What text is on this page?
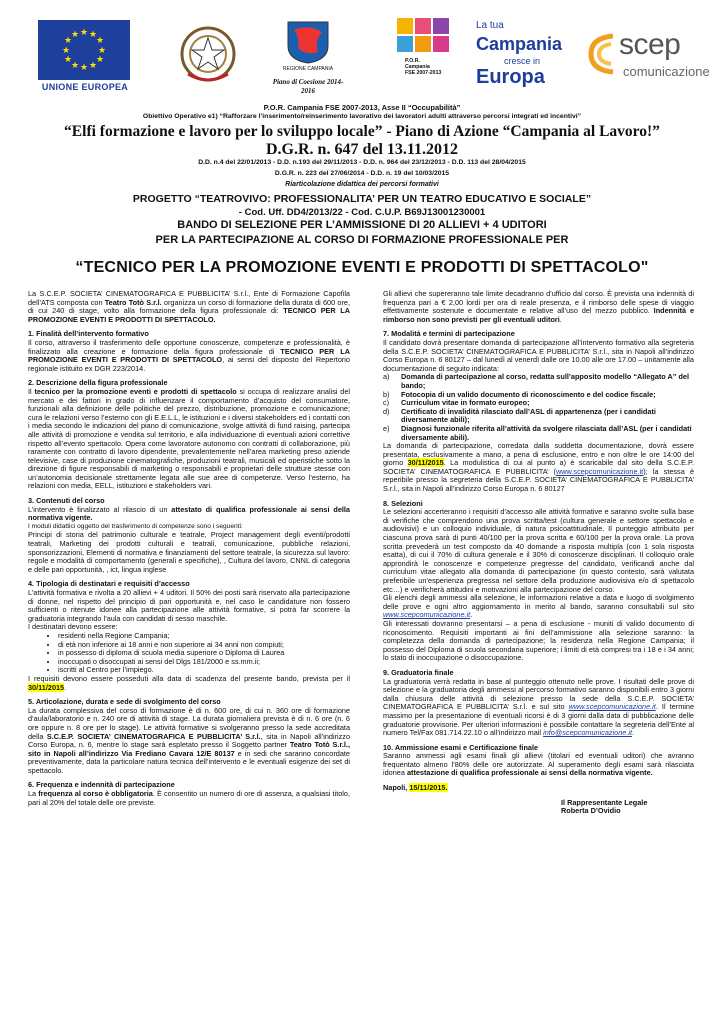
★ ★
★
★
★
★
★
★
★
★
★
★
UNIONE EUROPEA
REGIONE CAMPANIA
Piano di Coesione 2014-2016
P.O.R.
Campania
FSE 2007-2013
La tua
Campania
cresce in
Europa
scep
comunicazione
P.O.R. Campania FSE 2007-2013, Asse II “Occupabilità”
Obiettivo Operativo e1) “Rafforzare l’inserimento/reinserimento lavorativo dei lavoratori adulti attraverso percorsi integrati ed incentivi”
“Elfi formazione e lavoro per lo sviluppo locale” - Piano di Azione “Campania al Lavoro!”
D.G.R. n. 647 del 13.11.2012
D.D. n.4 del 22/01/2013 - D.D. n.193 del 29/11/2013 - D.D. n. 964 del 23/12/2013 - D.D. 113 del 28/04/2015
D.G.R. n. 223 del 27/06/2014 - D.D. n. 19 del 10/03/2015
Riarticolazione didattica dei percorsi formativi
PROGETTO “TEATROVIVO: PROFESSIONALITA’ PER UN TEATRO EDUCATIVO E SOCIALE”
- Cod. Uff. DD4/2013/22 - Cod. C.U.P. B69J13001230001
BANDO DI SELEZIONE PER L’AMMISSIONE DI 20 ALLIEVI + 4 UDITORI
PER LA PARTECIPAZIONE AL CORSO DI FORMAZIONE PROFESSIONALE PER
“TECNICO PER LA PROMOZIONE EVENTI E PRODOTTI DI SPETTACOLO"

La S.C.E.P. SOCIETA’ CINEMATOGRAFICA E PUBBLICITA’ S.r.l., Ente di Formazione Capofila dell’ATS composta con Teatro Totò S.r.l. organizza un corso di formazione della durata di 600 ore, di cui 240 di stage, volto alla formazione della figura professionale di: TECNICO PER LA PROMOZIONE EVENTI E PRODOTTI DI SPETTACOLO.

1. Finalità dell’intervento formativo

Il corso, attraverso il trasferimento delle opportune conoscenze, competenze e professionalità, è finalizzato alla creazione e formazione della figura professionale di TECNICO PER LA PROMOZIONE EVENTI E PRODOTTI DI SPETTACOLO, ai sensi del disposto del Repertorio regionale istituito ex DGR 223/2014.

2. Descrizione della figura professionale

Il tecnico per la promozione eventi e prodotti di spettacolo si occupa di realizzare analisi del mercato e dei fattori in grado di influenzare il comportamento d’acquisto del consumatore, funzionali alla definizione delle politiche del prezzo, distribuzione, promozione e comunicazione; cura le relazioni verso l’esterno con gli E.E.L.L, le istituzioni e i diversi stakeholders ed i contatti con i media secondo le indicazioni del piano di comunicazione, svolge attività di fund raising, partecipa alle attività di promozione e vendita sul territorio, e alla individuazione di eventuali azioni correttive rispetto all’evento spettacolo. Opera come lavoratore autonomo con contratti di collaborazione, più raramente con contratto di lavoro dipendente, prevalentemente nell’area marketing preso aziende televisive, case di produzione cinematografiche, produzioni teatrali, musicali ed operistiche sotto la direzione di figure responsabili di marketing o responsabili e proprietari delle strutture stesse con un’autonomia decisionale strettamente legata alle sue aree di competenze. Verso l’esterno, ha relazioni con media, EELL, istituzioni e stakeholders vari.

3. Contenuti del corso

L’intervento è finalizzato al rilascio di un attestato di qualifica professionale ai sensi della normativa vigente.

I moduli didattici oggetto del trasferimento di competenze sono i seguenti:

Principi di storia del patrimonio culturale e teatrale, Project management degli eventi/prodotti teatrali, Marketing dei prodotti culturali e teatrali, comunicazione, pubbliche relazioni, sponsorizzazioni, Elementi di normativa e finanziamenti del settore teatrale, la sicurezza sul lavoro: regole e modalità di comportamento (generali e specifiche), , Cultura del lavoro, CNNL di categoria e delle pari opportunità, , ict, lingua inglese

4. Tipologia di destinatari e requisiti d’accesso

L’attività formativa e rivolta a 20 allievi + 4 uditori. Il 50% dei posti sarà riservato alla partecipazione di donne, nel rispetto del principio di pari opportunità e, nel caso le candidature non fossero sufficienti o ritenute idonee alla partecipazione alle attività formative, si potrà far scorrere la graduatoria integrando l’aula con candidati di sesso maschile.

I destinatari devono essere:

• residenti nella Regione Campania;
• di età non inferiore ai 18 anni e non superiore ai 34 anni non compiuti;
• in possesso di diploma di scuola media superiore o Diploma di Laurea
• inoccupati o disoccupati ai sensi del Dlgs 181/2000 e ss.mm.ii;
• iscritti al Centro per l’impiego.

I requisiti devono essere posseduti alla data di scadenza del presente bando, prevista per il 30/11/2015.

5. Articolazione, durata e sede di svolgimento del corso

La durata complessiva del corso di formazione è di n. 600 ore, di cui n. 360 ore di formazione d’aula/laboratorio e n. 240 ore di attività di stage. La durata giornaliera prevista è di n. 6 ore (n. 6 ore oppure n. 8 ore per lo stage). Le attività formative si svolgeranno presso la sede accreditata della S.C.E.P. SOCIETA’ CINEMATOGRAFICA E PUBBLICITA’ S.r.l., sita in Napoli all’indirizzo Corso Europa, n. 6, mentre lo stage sarà espletato presso il Soggetto partner Teatro Totò S.r.l., sito in Napoli all’indirizzo Via Frediano Cavara 12/E 80137 e in sedi che saranno concordate preventivamente, data la particolare natura tecnica dell’intervento e le eventuali esigenze dei set di spettacolo.

6. Frequenza e indennità di partecipazione

La frequenza al corso è obbligatoria. È consentito un numero di ore di assenza, a qualsiasi titolo, pari al 20% del totale delle ore previste.

Gli allievi che supereranno tale limite decadranno d’ufficio dal corso. È prevista una indennità di frequenza pari a € 2,00 lordi per ora di reale presenza, e il rimborso delle spese di viaggio effettivamente sostenute e documentate e relative all’uso del mezzo pubblico. Indennità e rimborso non sono previsti per gli eventuali uditori.

7. Modalità e termini di partecipazione

Il candidato dovrà presentare domanda di partecipazione all’intervento formativo alla segreteria della S.C.E.P. SOCIETA’ CINEMATOGRAFICA E PUBBLICITA’ S.r.l., sita in Napoli all’indirizzo Corso Europa n. 6 80127 – dal lunedì al venerdì dalle ore 10.00 alle ore 17.00 – unitamente alla documentazione di seguito indicata:

a) Domanda di partecipazione al corso, redatta sull’apposito modello “Allegato A” del bando;
b) Fotocopia di un valido documento di riconoscimento e del codice fiscale;
c) Curriculum vitae in formato europeo;
d) Certificato di invalidità rilasciato dall’ASL di appartenenza (per i candidati diversamente abili);
e) Diagnosi funzionale riferita all’attività da svolgere rilasciata dall’ASL (per i candidati diversamente abili).

La domanda di partecipazione, corredata dalla suddetta documentazione, dovrà essere presentata, esclusivamente a mano, a pena di esclusione, entro e non oltre le ore 14:00 del giorno 30/11/2015. La modulistica di cui al punto a) è scaricabile dal sito della S.C.E.P. SOCIETA’ CINEMATOGRAFICA E PUBBLICITA’ (www.scepcomunicazione.it); la stessa è reperibile presso la segreteria della S.C.E.P. SOCIETA’ CINEMATOGRAFICA E PUBBLICITA’ S.r.l., sita in Napoli all’indirizzo Corso Europa n. 6 80127

8. Selezioni

Le selezioni accerteranno i requisiti d’accesso alle attività formative e saranno svolte sulla base di verifiche che comprendono una prova scritta/test (cultura generale e settore spettacolo e audiovisivi) e un colloquio individuale, di natura psicoattitudinale. Il punteggio attribuito per ciascuna prova sarà di punti 40/100 per la prova scritta e 60/100 per la prova orale. La prova scritta prevederà un test composto da 40 domande a risposta multipla (con 1 sola risposta esatta), di cui il 70% di cultura generale e il 30% di conoscenze disciplinari. Il colloquio orale approndirà le conoscenze e competenze pregresse del candidato, verificandi anche dal curriculum vitae allegato alla domanda di partecipazione (in questo contesto, sarà valutata preferibile un’esperienza pregressa nel settore della produzione audiovisiva e/o di spettacolo etc…) e verificherà attitudini e motivazioni alla partecipazione del corso.

Gli elenchi degli ammessi alla selezione, le informazioni relative a data e luogo di svolgimento delle prove e ogni altro aggiornamento in merito al bando, saranno consultabili sul sito www.scepcomunicazione.it.

Gli interessati dovranno presentarsi – a pena di esclusione - muniti di valido documento di riconoscimento. Requisiti importanti ai fini dell’ammissione alla selezione saranno: la completezza della domanda di partecipazione; la residenza nella Regione Campania; il possesso del Diploma di scuola secondaria superiore; i limiti di età compresi tra i 18 e i 34 anni; lo stato di inoccupazione o disoccupazione.

9. Graduatoria finale

La graduatoria verrà redatta in base al punteggio ottenuto nelle prove. I risultati delle prove di selezione e la graduatoria degli ammessi al percorso formativo saranno disponibili entro 3 giorni dalla chiusura delle attività di selezione presso la sede della S.C.E.P. SOCIETA’ CINEMATOGRAFICA E PUBBLICITA’ S.r.l. e sul sito www.scepcomunicazione.it. Il termine massimo per la presentazione di eventuali ricorsi è di 3 giorni dalla data di pubblicazione delle graduatorie provvisorie. Per ulteriori informazioni è possibile contattare la segreteria dell’Ente al numero Tel/Fax 081.714.22.10 o all’indirizzo mail info@scepcomunicazione.it.

10. Ammissione esami e Certificazione finale

Saranno ammessi agli esami finali gli allievi (titolari ed eventuali uditori) che avranno frequentato almeno l’80% delle ore autorizzate. Al superamento degli esami sarà rilasciata idonea attestazione di qualifica professionale ai sensi della normativa vigente.

Napoli, 15/11/2015.

Il Rappresentante Legale
Roberta D’Ovidio
